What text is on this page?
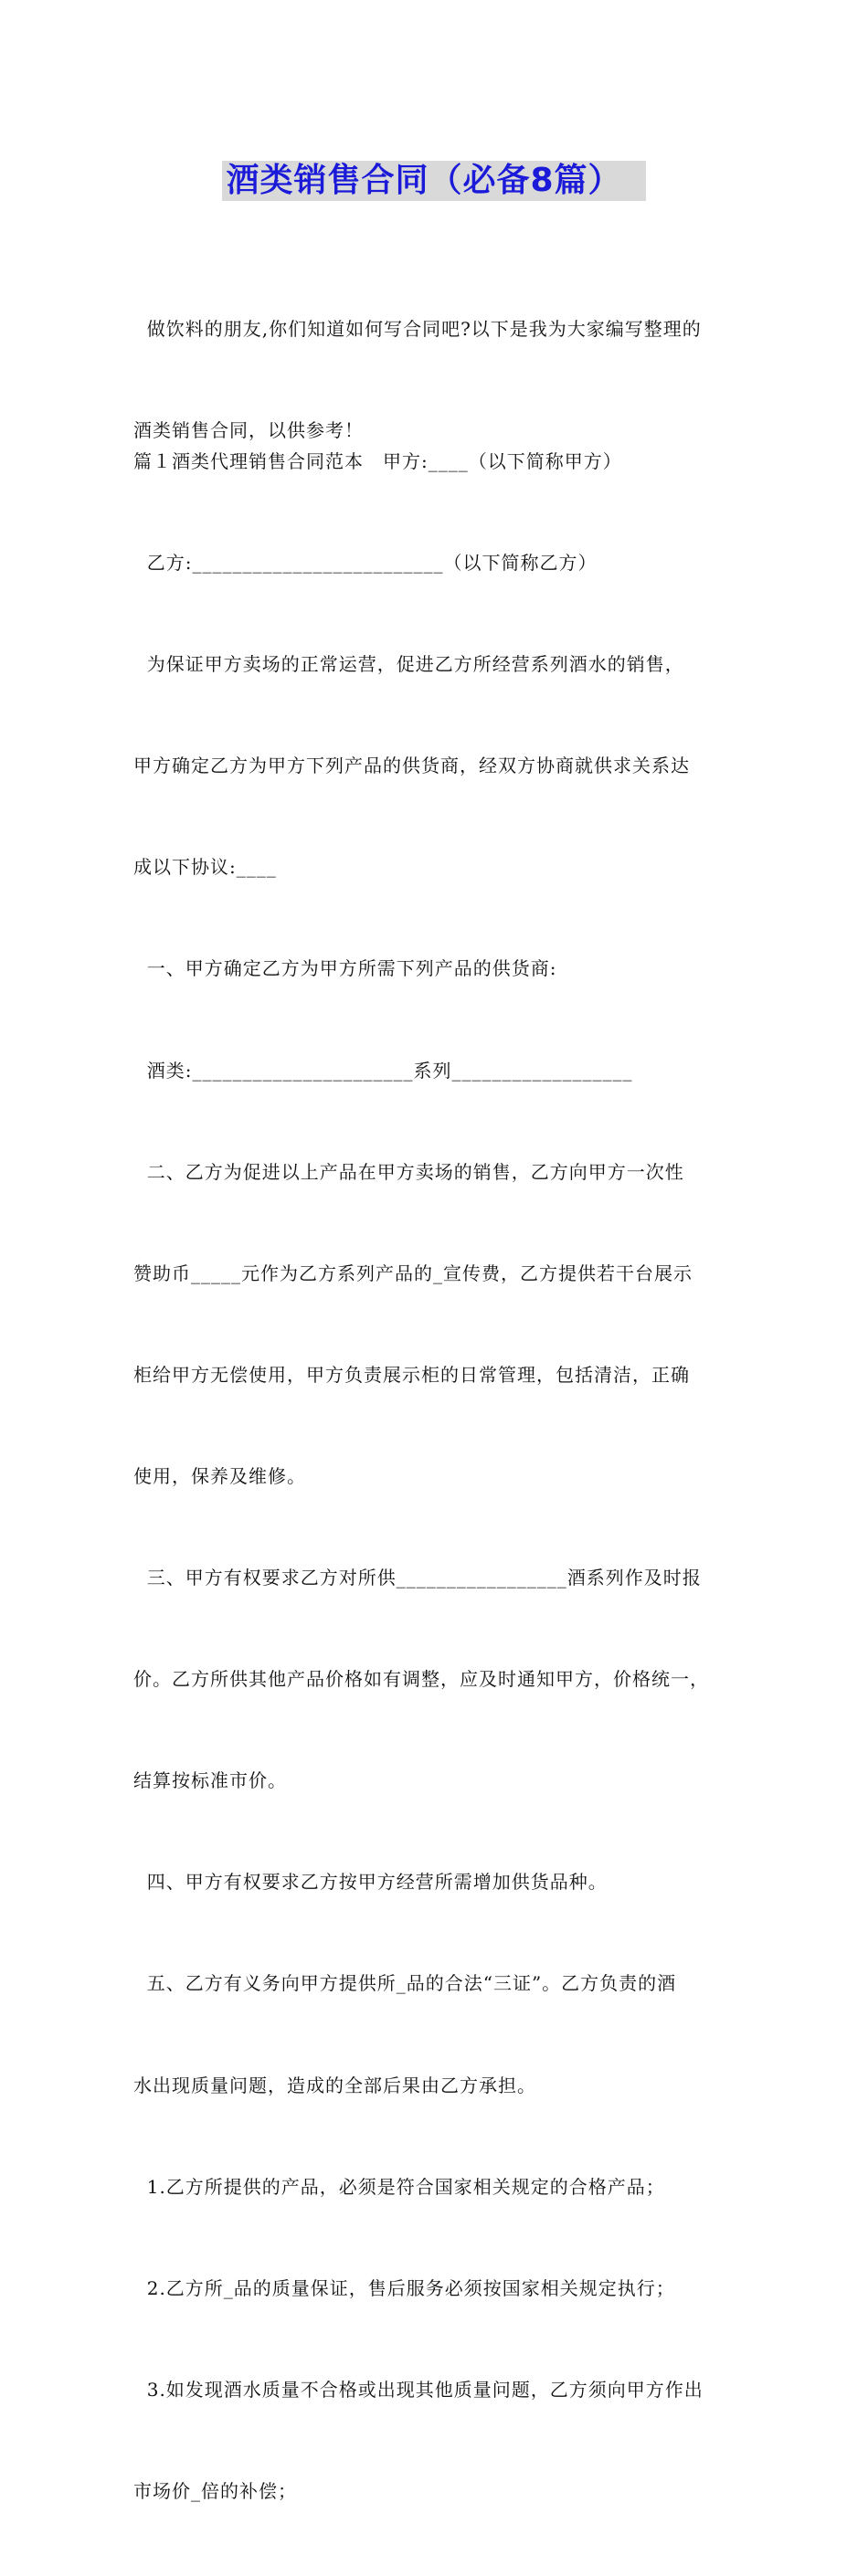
酒类销售合同（必备8篇）

做饮料的朋友,你们知道如何写合同吧?以下是我为大家编写整理的

酒类销售合同，以供参考！

篇１酒类代理销售合同范本　甲方:____（以下简称甲方）

乙方:_________________________（以下简称乙方）

为保证甲方卖场的正常运营，促进乙方所经营系列酒水的销售，

甲方确定乙方为甲方下列产品的供货商，经双方协商就供求关系达

成以下协议:____

一、甲方确定乙方为甲方所需下列产品的供货商:

酒类:______________________系列__________________

二、乙方为促进以上产品在甲方卖场的销售，乙方向甲方一次性

赞助币_____元作为乙方系列产品的_宣传费，乙方提供若干台展示

柜给甲方无偿使用，甲方负责展示柜的日常管理，包括清洁，正确

使用，保养及维修。

三、甲方有权要求乙方对所供_________________酒系列作及时报

价。乙方所供其他产品价格如有调整，应及时通知甲方，价格统一，

结算按标准市价。

四、甲方有权要求乙方按甲方经营所需增加供货品种。

五、乙方有义务向甲方提供所_品的合法“三证”。乙方负责的酒

水出现质量问题，造成的全部后果由乙方承担。

1.乙方所提供的产品，必须是符合国家相关规定的合格产品；

2.乙方所_品的质量保证，售后服务必须按国家相关规定执行；

3.如发现酒水质量不合格或出现其他质量问题，乙方须向甲方作出

市场价_倍的补偿；
